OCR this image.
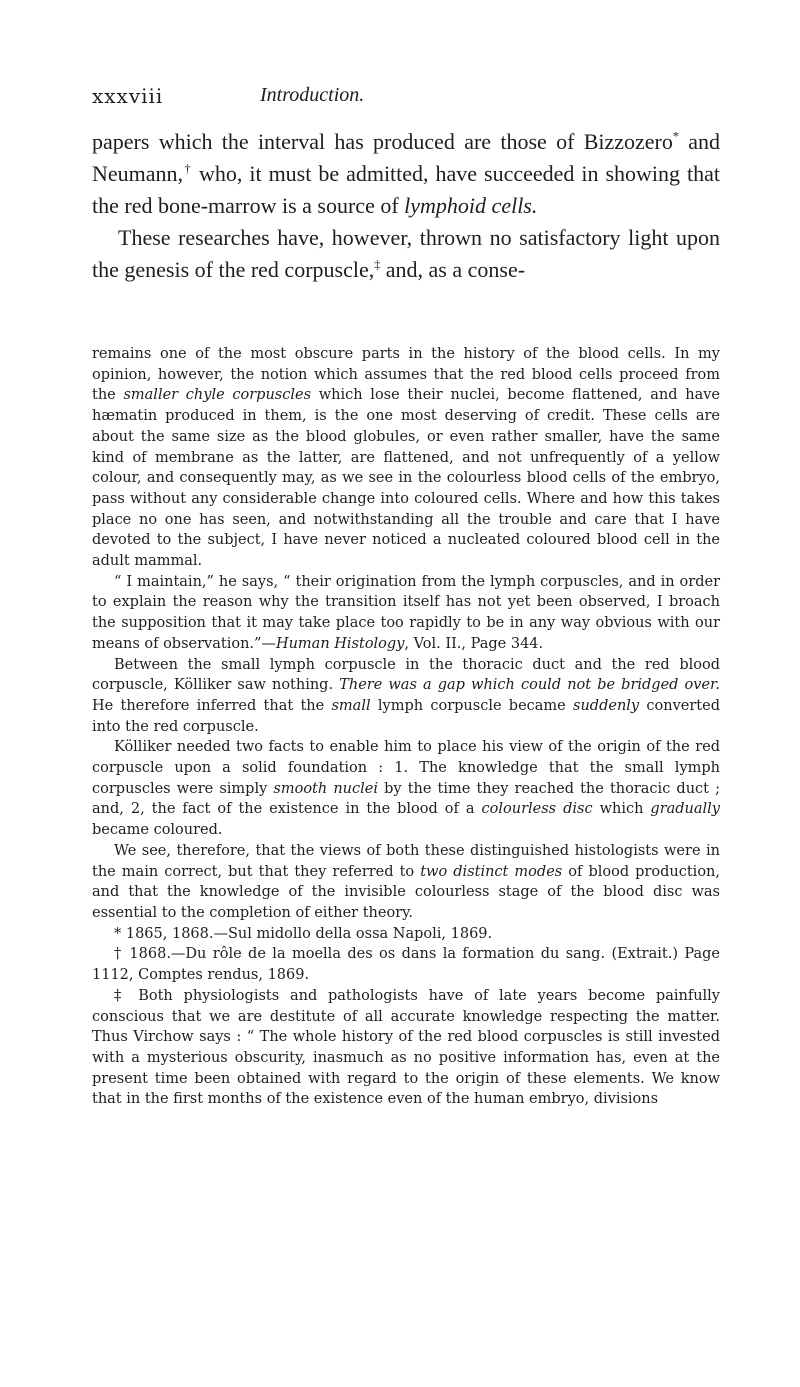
xxxviii	Introduction.

papers which the interval has produced are those of Bizzozero* and Neumann,† who, it must be admitted, have succeeded in showing that the red bone-marrow is a source of lymphoid cells.

These researches have, however, thrown no satisfactory light upon the genesis of the red corpuscle,‡ and, as a conse-

remains one of the most obscure parts in the history of the blood cells. In my opinion, however, the notion which assumes that the red blood cells proceed from the smaller chyle corpuscles which lose their nuclei, become flattened, and have hæmatin produced in them, is the one most deserving of credit. These cells are about the same size as the blood globules, or even rather smaller, have the same kind of membrane as the latter, are flattened, and not unfrequently of a yellow colour, and consequently may, as we see in the colourless blood cells of the embryo, pass without any considerable change into coloured cells. Where and how this takes place no one has seen, and notwithstanding all the trouble and care that I have devoted to the subject, I have never noticed a nucleated coloured blood cell in the adult mammal.

“ I maintain,” he says, “ their origination from the lymph corpuscles, and in order to explain the reason why the transition itself has not yet been observed, I broach the supposition that it may take place too rapidly to be in any way obvious with our means of observation.”—Human Histology, Vol. II., Page 344.

Between the small lymph corpuscle in the thoracic duct and the red blood corpuscle, Kölliker saw nothing. There was a gap which could not be bridged over. He therefore inferred that the small lymph corpuscle became suddenly converted into the red corpuscle.

Kölliker needed two facts to enable him to place his view of the origin of the red corpuscle upon a solid foundation : 1. The knowledge that the small lymph corpuscles were simply smooth nuclei by the time they reached the thoracic duct ; and, 2, the fact of the existence in the blood of a colourless disc which gradually became coloured.

We see, therefore, that the views of both these distinguished histologists were in the main correct, but that they referred to two distinct modes of blood production, and that the knowledge of the invisible colourless stage of the blood disc was essential to the completion of either theory.

* 1865, 1868.—Sul midollo della ossa Napoli, 1869.

† 1868.—Du rôle de la moella des os dans la formation du sang. (Extrait.) Page 1112, Comptes rendus, 1869.

‡ Both physiologists and pathologists have of late years become painfully conscious that we are destitute of all accurate knowledge respecting the matter. Thus Virchow says : “ The whole history of the red blood corpuscles is still invested with a mysterious obscurity, inasmuch as no positive information has, even at the present time been obtained with regard to the origin of these elements. We know that in the first months of the existence even of the human embryo, divisions
